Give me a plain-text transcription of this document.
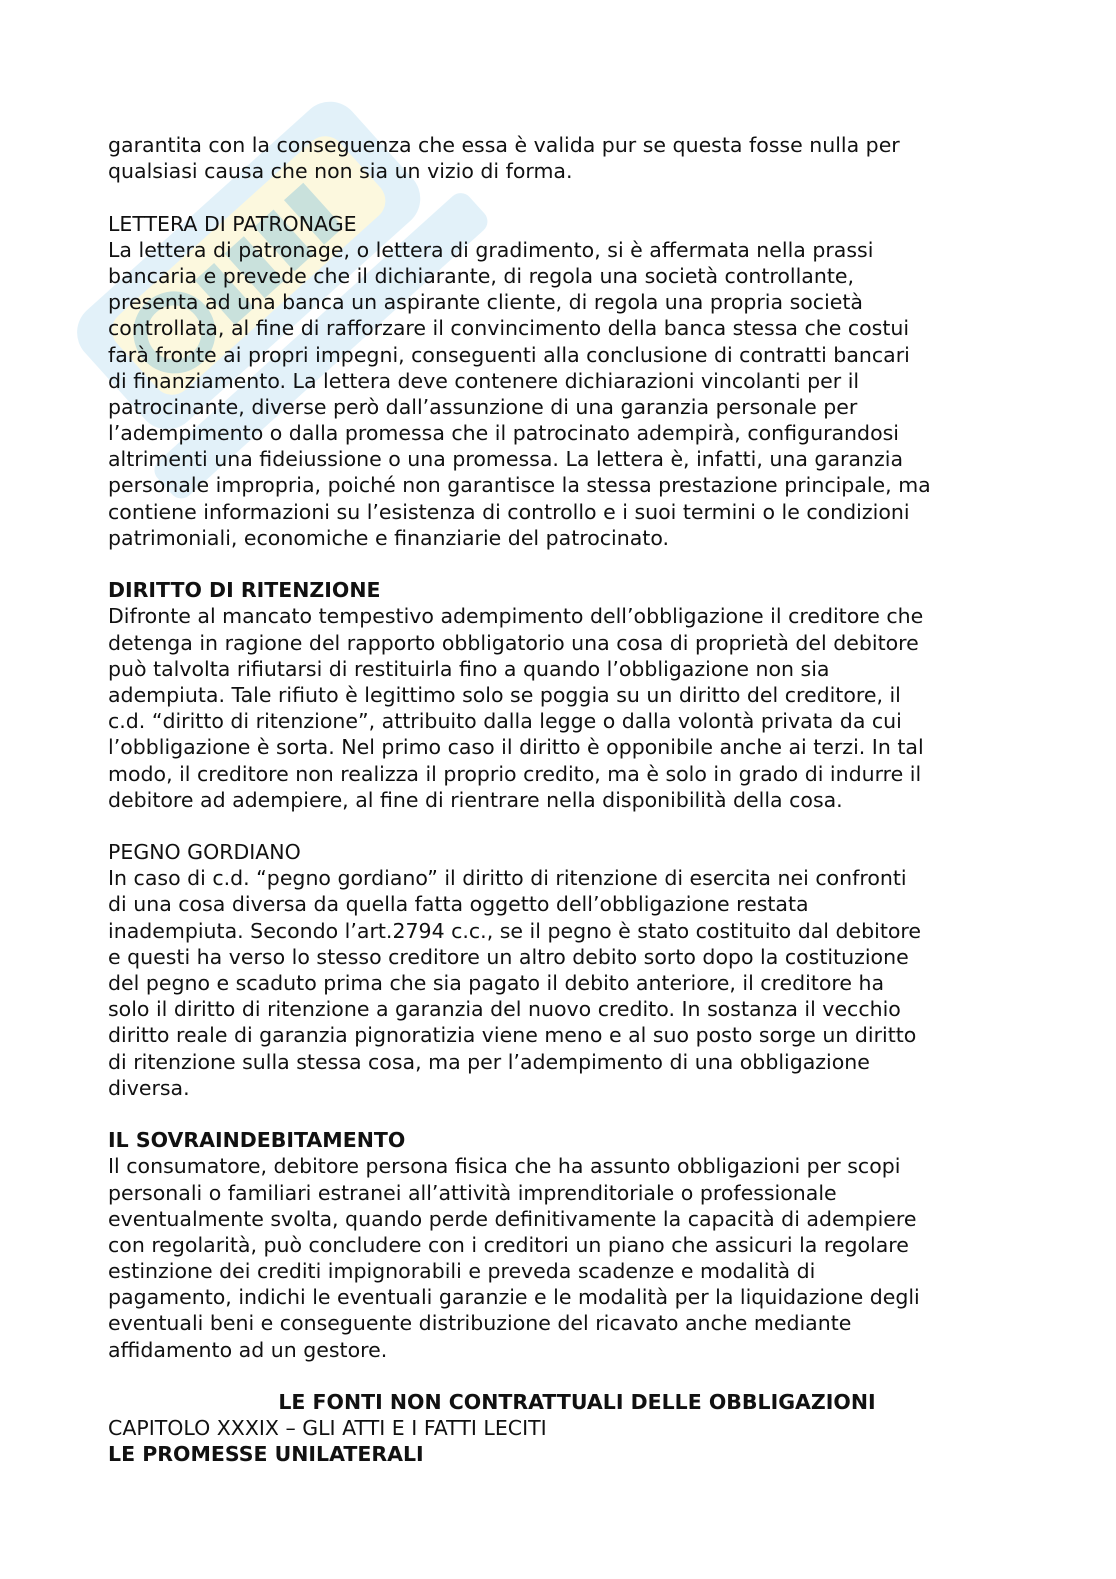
garantita con la conseguenza che essa è valida pur se questa fosse nulla per
qualsiasi causa che non sia un vizio di forma.
LETTERA DI PATRONAGE
La lettera di patronage, o lettera di gradimento, si è affermata nella prassi
bancaria e prevede che il dichiarante, di regola una società controllante,
presenta ad una banca un aspirante cliente, di regola una propria società
controllata, al fine di rafforzare il convincimento della banca stessa che costui
farà fronte ai propri impegni, conseguenti alla conclusione di contratti bancari
di finanziamento. La lettera deve contenere dichiarazioni vincolanti per il
patrocinante, diverse però dall’assunzione di una garanzia personale per
l’adempimento o dalla promessa che il patrocinato adempirà, configurandosi
altrimenti una fideiussione o una promessa. La lettera è, infatti, una garanzia
personale impropria, poiché non garantisce la stessa prestazione principale, ma
contiene informazioni su l’esistenza di controllo e i suoi termini o le condizioni
patrimoniali, economiche e finanziarie del patrocinato.
DIRITTO DI RITENZIONE
Difronte al mancato tempestivo adempimento dell’obbligazione il creditore che
detenga in ragione del rapporto obbligatorio una cosa di proprietà del debitore
può talvolta rifiutarsi di restituirla fino a quando l’obbligazione non sia
adempiuta. Tale rifiuto è legittimo solo se poggia su un diritto del creditore, il
c.d. “diritto di ritenzione”, attribuito dalla legge o dalla volontà privata da cui
l’obbligazione è sorta. Nel primo caso il diritto è opponibile anche ai terzi. In tal
modo, il creditore non realizza il proprio credito, ma è solo in grado di indurre il
debitore ad adempiere, al fine di rientrare nella disponibilità della cosa.
PEGNO GORDIANO
In caso di c.d. “pegno gordiano” il diritto di ritenzione di esercita nei confronti
di una cosa diversa da quella fatta oggetto dell’obbligazione restata
inadempiuta. Secondo l’art.2794 c.c., se il pegno è stato costituito dal debitore
e questi ha verso lo stesso creditore un altro debito sorto dopo la costituzione
del pegno e scaduto prima che sia pagato il debito anteriore, il creditore ha
solo il diritto di ritenzione a garanzia del nuovo credito. In sostanza il vecchio
diritto reale di garanzia pignoratizia viene meno e al suo posto sorge un diritto
di ritenzione sulla stessa cosa, ma per l’adempimento di una obbligazione
diversa.
IL SOVRAINDEBITAMENTO
Il consumatore, debitore persona fisica che ha assunto obbligazioni per scopi
personali o familiari estranei all’attività imprenditoriale o professionale
eventualmente svolta, quando perde definitivamente la capacità di adempiere
con regolarità, può concludere con i creditori un piano che assicuri la regolare
estinzione dei crediti impignorabili e preveda scadenze e modalità di
pagamento, indichi le eventuali garanzie e le modalità per la liquidazione degli
eventuali beni e conseguente distribuzione del ricavato anche mediante
affidamento ad un gestore.
LE FONTI NON CONTRATTUALI DELLE OBBLIGAZIONI
CAPITOLO XXXIX – GLI ATTI E I FATTI LECITI
LE PROMESSE UNILATERALI
